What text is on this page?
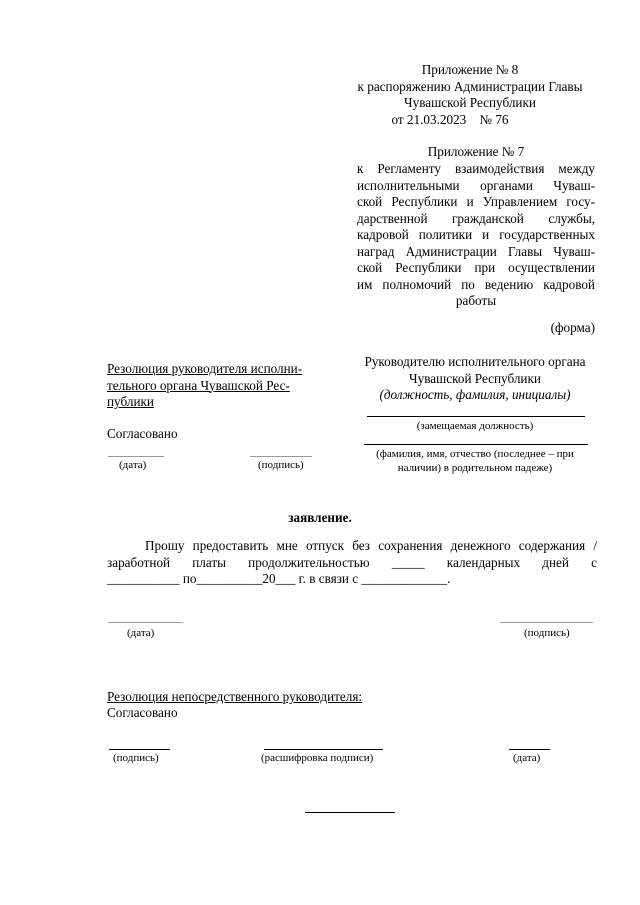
Приложение № 8
к распоряжению Администрации Главы
Чувашской Республики
от 21.03.2023    № 76
Приложение № 7
к Регламенту взаимодействия между
исполнительными органами Чуваш-
ской Республики и Управлением госу-
дарственной гражданской службы,
кадровой политики и государственных
наград Администрации Главы Чуваш-
ской Республики при осуществлении
им полномочий по ведению кадровой
работы
(форма)
Резолюция руководителя исполни-
тельного органа Чувашской Рес-
публики
Согласовано
(дата)	(подпись)
Руководителю исполнительного органа
Чувашской Республики
(должность, фамилия, инициалы)
(замещаемая должность)
(фамилия, имя, отчество (последнее – при
наличии) в родительном падеже)
заявление.
Прошу предоставить мне отпуск без сохранения денежного содержания /
заработной платы продолжительностью _____ календарных дней с
___________ по__________20___ г. в связи с _____________.
(дата)	(подпись)
Резолюция непосредственного руководителя:
Согласовано
(подпись)	(расшифровка подписи)	(дата)
